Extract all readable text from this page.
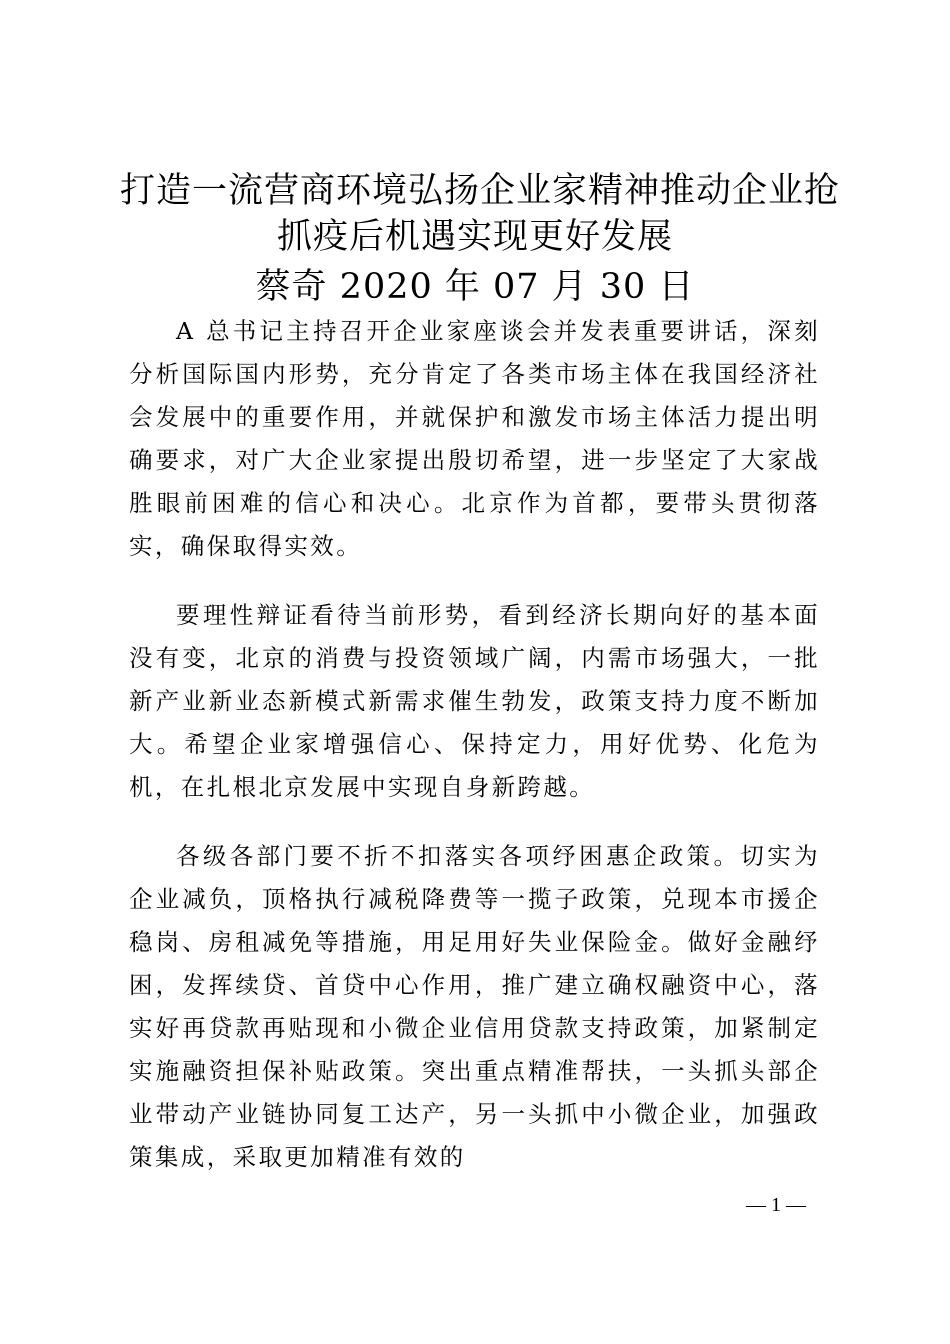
打造一流营商环境弘扬企业家精神推动企业抢
抓疫后机遇实现更好发展
蔡奇 2020 年 07 月 30 日

A 总书记主持召开企业家座谈会并发表重要讲话，深刻分析国际国内形势，充分肯定了各类市场主体在我国经济社会发展中的重要作用，并就保护和激发市场主体活力提出明确要求，对广大企业家提出殷切希望，进一步坚定了大家战胜眼前困难的信心和决心。北京作为首都，要带头贯彻落实，确保取得实效。

要理性辩证看待当前形势，看到经济长期向好的基本面没有变，北京的消费与投资领域广阔，内需市场强大，一批新产业新业态新模式新需求催生勃发，政策支持力度不断加大。希望企业家增强信心、保持定力，用好优势、化危为机，在扎根北京发展中实现自身新跨越。

各级各部门要不折不扣落实各项纾困惠企政策。切实为企业减负，顶格执行减税降费等一揽子政策，兑现本市援企稳岗、房租减免等措施，用足用好失业保险金。做好金融纾困，发挥续贷、首贷中心作用，推广建立确权融资中心，落实好再贷款再贴现和小微企业信用贷款支持政策，加紧制定实施融资担保补贴政策。突出重点精准帮扶，一头抓头部企业带动产业链协同复工达产，另一头抓中小微企业，加强政策集成，采取更加精准有效的

— 1 —
